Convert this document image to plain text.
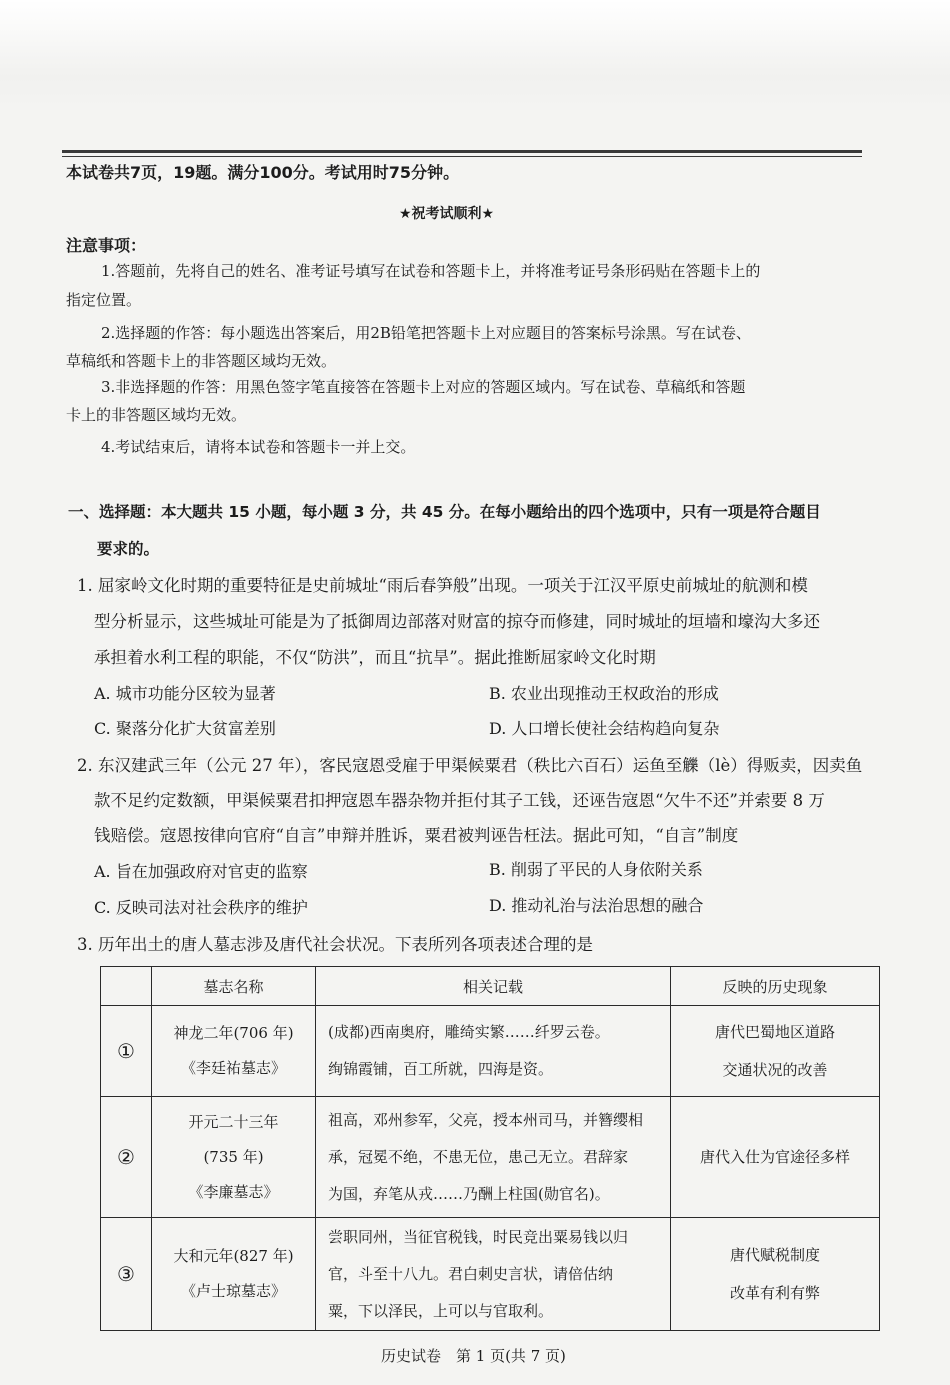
本试卷共7页，19题。满分100分。考试用时75分钟。
★祝考试顺利★
注意事项：
1.答题前，先将自己的姓名、准考证号填写在试卷和答题卡上，并将准考证号条形码贴在答题卡上的
指定位置。
2.选择题的作答：每小题选出答案后，用2B铅笔把答题卡上对应题目的答案标号涂黑。写在试卷、
草稿纸和答题卡上的非答题区域均无效。
3.非选择题的作答：用黑色签字笔直接答在答题卡上对应的答题区域内。写在试卷、草稿纸和答题
卡上的非答题区域均无效。
4.考试结束后，请将本试卷和答题卡一并上交。
一、选择题：本大题共 15 小题，每小题 3 分，共 45 分。在每小题给出的四个选项中，只有一项是符合题目
要求的。
1. 屈家岭文化时期的重要特征是史前城址“雨后春笋般”出现。一项关于江汉平原史前城址的航测和模
型分析显示，这些城址可能是为了抵御周边部落对财富的掠夺而修建，同时城址的垣墙和壕沟大多还
承担着水利工程的职能，不仅“防洪”，而且“抗旱”。据此推断屈家岭文化时期
A. 城市功能分区较为显著	B. 农业出现推动王权政治的形成
C. 聚落分化扩大贫富差别	D. 人口增长使社会结构趋向复杂
2. 东汉建武三年（公元 27 年），客民寇恩受雇于甲渠候粟君（秩比六百石）运鱼至觻（lè）得贩卖，因卖鱼
款不足约定数额，甲渠候粟君扣押寇恩车器杂物并拒付其子工钱，还诬告寇恩“欠牛不还”并索要 8 万
钱赔偿。寇恩按律向官府“自言”申辩并胜诉，粟君被判诬告枉法。据此可知，“自言”制度
A. 旨在加强政府对官吏的监察	B. 削弱了平民的人身依附关系
C. 反映司法对社会秩序的维护	D. 推动礼治与法治思想的融合
3. 历年出土的唐人墓志涉及唐代社会状况。下表所列各项表述合理的是
	墓志名称	相关记载	反映的历史现象
①	神龙二年(706 年)
《李廷祐墓志》	(成都)西南奥府，雕绮实繁……纤罗云卷。
绚锦霞铺，百工所就，四海是资。	唐代巴蜀地区道路
交通状况的改善

②	开元二十三年
(735 年)
《李廉墓志》	祖高，邓州参军，父亮，授本州司马，并簪缨相
承，冠冕不绝，不患无位，患己无立。君辞家
为国，弃笔从戎……乃酬上柱国(勋官名)。	唐代入仕为官途径多样

③	大和元年(827 年)
《卢士琼墓志》	尝职同州，当征官税钱，时民竞出粟易钱以归
官，斗至十八九。君白刺史言状，请倍估纳
粟，下以泽民，上可以与官取利。	唐代赋税制度
改革有利有弊
历史试卷　第 1 页(共 7 页)
